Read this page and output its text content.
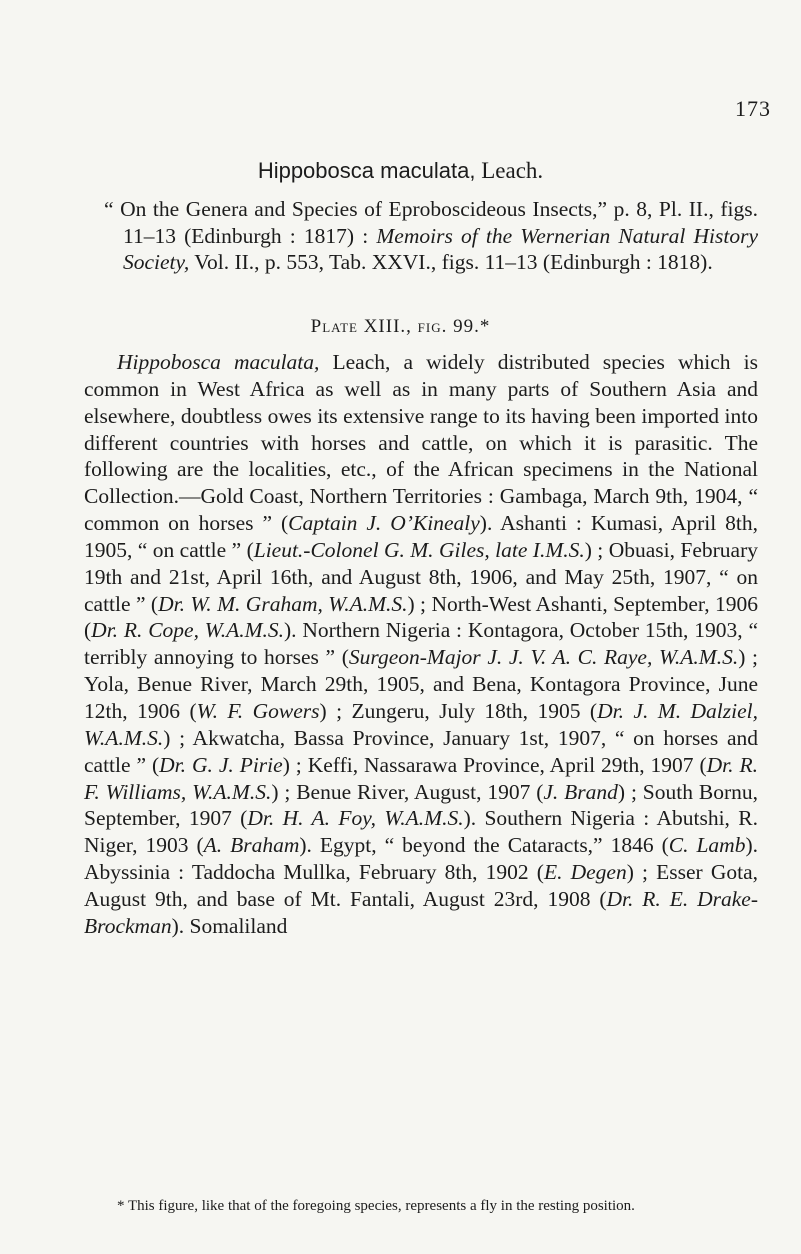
173
Hippobosca maculata, Leach.
“ On the Genera and Species of Eproboscideous Insects,” p. 8, Pl. II., figs. 11–13 (Edinburgh : 1817) : Memoirs of the Wernerian Natural History Society, Vol. II., p. 553, Tab. XXVI., figs. 11–13 (Edinburgh : 1818).
Plate XIII., fig. 99.*

Hippobosca maculata, Leach, a widely distributed species which is common in West Africa as well as in many parts of Southern Asia and elsewhere, doubtless owes its extensive range to its having been imported into different countries with horses and cattle, on which it is parasitic. The following are the localities, etc., of the African specimens in the National Collection.—Gold Coast, Northern Territories : Gambaga, March 9th, 1904, “ common on horses ” (Captain J. O’Kinealy). Ashanti : Kumasi, April 8th, 1905, “ on cattle ” (Lieut.-Colonel G. M. Giles, late I.M.S.) ; Obuasi, February 19th and 21st, April 16th, and August 8th, 1906, and May 25th, 1907, “ on cattle ” (Dr. W. M. Graham, W.A.M.S.) ; North-West Ashanti, September, 1906 (Dr. R. Cope, W.A.M.S.). Northern Nigeria : Kontagora, October 15th, 1903, “ terribly annoying to horses ” (Surgeon-Major J. J. V. A. C. Raye, W.A.M.S.) ; Yola, Benue River, March 29th, 1905, and Bena, Kontagora Province, June 12th, 1906 (W. F. Gowers) ; Zungeru, July 18th, 1905 (Dr. J. M. Dalziel, W.A.M.S.) ; Akwatcha, Bassa Province, January 1st, 1907, “ on horses and cattle ” (Dr. G. J. Pirie) ; Keffi, Nassarawa Province, April 29th, 1907 (Dr. R. F. Williams, W.A.M.S.) ; Benue River, August, 1907 (J. Brand) ; South Bornu, September, 1907 (Dr. H. A. Foy, W.A.M.S.). Southern Nigeria : Abutshi, R. Niger, 1903 (A. Braham). Egypt, “ beyond the Cataracts,” 1846 (C. Lamb). Abyssinia : Taddocha Mullka, February 8th, 1902 (E. Degen) ; Esser Gota, August 9th, and base of Mt. Fantali, August 23rd, 1908 (Dr. R. E. Drake-Brockman). Somaliland

* This figure, like that of the foregoing species, represents a fly in the resting position.
